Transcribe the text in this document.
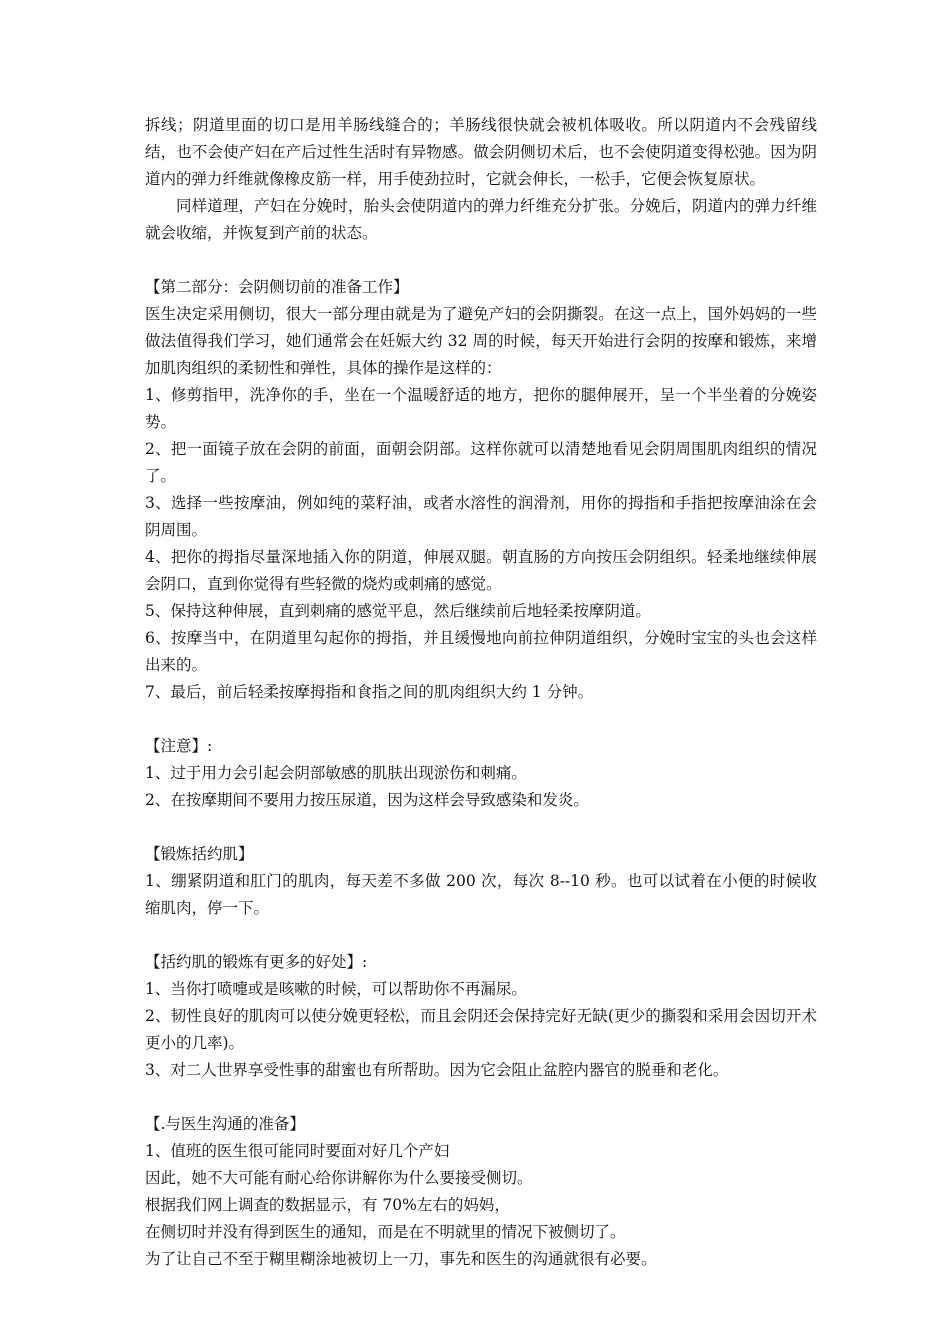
拆线；阴道里面的切口是用羊肠线缝合的；羊肠线很快就会被机体吸收。所以阴道内不会残留线结，也不会使产妇在产后过性生活时有异物感。做会阴侧切术后，也不会使阴道变得松弛。因为阴道内的弹力纤维就像橡皮筋一样，用手使劲拉时，它就会伸长，一松手，它便会恢复原状。

同样道理，产妇在分娩时，胎头会使阴道内的弹力纤维充分扩张。分娩后，阴道内的弹力纤维就会收缩，并恢复到产前的状态。

【第二部分：会阴侧切前的准备工作】

医生决定采用侧切，很大一部分理由就是为了避免产妇的会阴撕裂。在这一点上，国外妈妈的一些做法值得我们学习，她们通常会在妊娠大约 32 周的时候，每天开始进行会阴的按摩和锻炼，来增加肌肉组织的柔韧性和弹性，具体的操作是这样的：

1、修剪指甲，洗净你的手，坐在一个温暖舒适的地方，把你的腿伸展开，呈一个半坐着的分娩姿势。

2、把一面镜子放在会阴的前面，面朝会阴部。这样你就可以清楚地看见会阴周围肌肉组织的情况了。

3、选择一些按摩油，例如纯的菜籽油，或者水溶性的润滑剂，用你的拇指和手指把按摩油涂在会阴周围。

4、把你的拇指尽量深地插入你的阴道，伸展双腿。朝直肠的方向按压会阴组织。轻柔地继续伸展会阴口，直到你觉得有些轻微的烧灼或刺痛的感觉。

5、保持这种伸展，直到刺痛的感觉平息，然后继续前后地轻柔按摩阴道。

6、按摩当中，在阴道里勾起你的拇指，并且缓慢地向前拉伸阴道组织，分娩时宝宝的头也会这样出来的。

7、最后，前后轻柔按摩拇指和食指之间的肌肉组织大约 1 分钟。

【注意】:

1、过于用力会引起会阴部敏感的肌肤出现淤伤和刺痛。

2、在按摩期间不要用力按压尿道，因为这样会导致感染和发炎。

【锻炼括约肌】

1、绷紧阴道和肛门的肌肉，每天差不多做 200 次，每次 8--10 秒。也可以试着在小便的时候收缩肌肉，停一下。

【括约肌的锻炼有更多的好处】:

1、当你打喷嚏或是咳嗽的时候，可以帮助你不再漏尿。

2、韧性良好的肌肉可以使分娩更轻松，而且会阴还会保持完好无缺(更少的撕裂和采用会因切开术更小的几率)。

3、对二人世界享受性事的甜蜜也有所帮助。因为它会阻止盆腔内器官的脱垂和老化。

【.与医生沟通的准备】

1、值班的医生很可能同时要面对好几个产妇
因此，她不大可能有耐心给你讲解你为什么要接受侧切。
根据我们网上调查的数据显示，有 70%左右的妈妈，
在侧切时并没有得到医生的通知，而是在不明就里的情况下被侧切了。
为了让自己不至于糊里糊涂地被切上一刀，事先和医生的沟通就很有必要。
